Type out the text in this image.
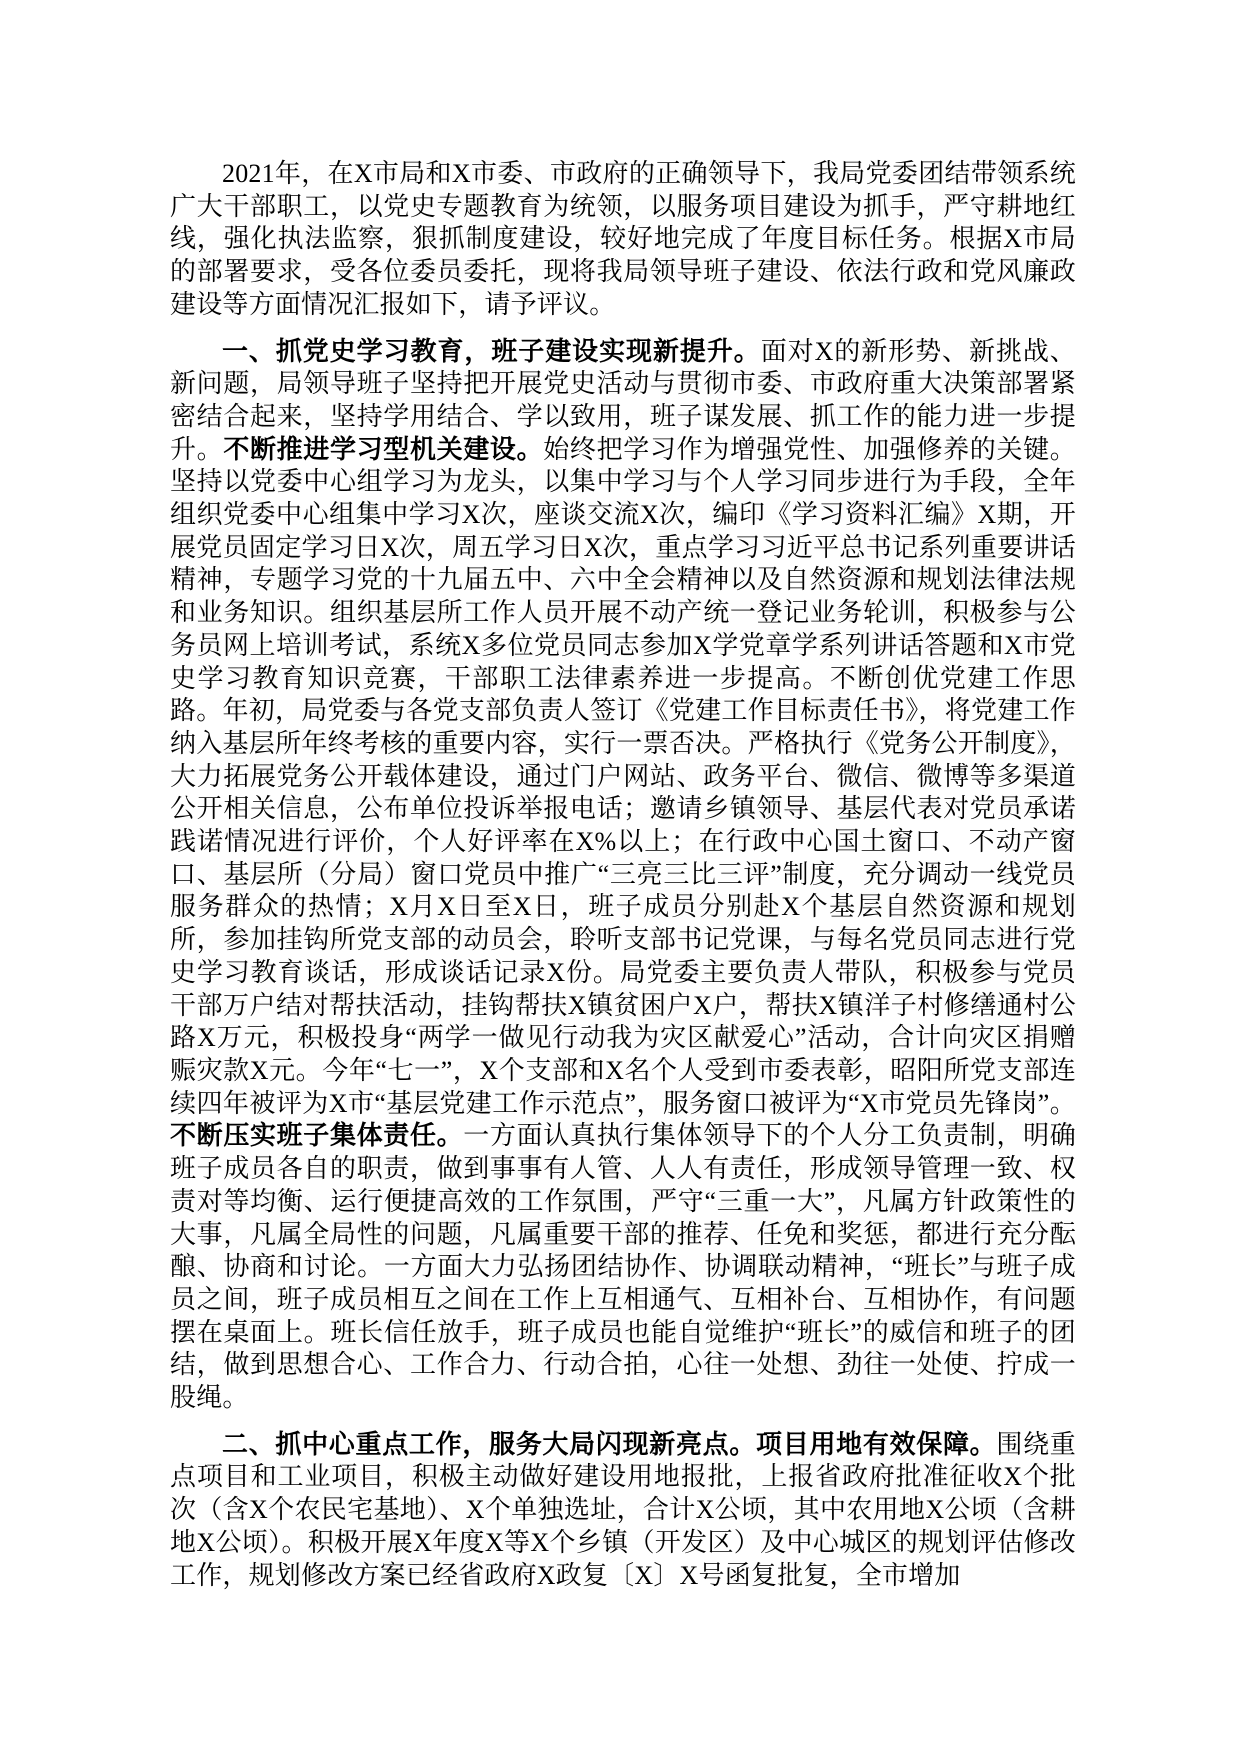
2021年，在X市局和X市委、市政府的正确领导下，我局党委团结带领系统广大干部职工，以党史专题教育为统领，以服务项目建设为抓手，严守耕地红线，强化执法监察，狠抓制度建设，较好地完成了年度目标任务。根据X市局的部署要求，受各位委员委托，现将我局领导班子建设、依法行政和党风廉政建设等方面情况汇报如下，请予评议。

一、抓党史学习教育，班子建设实现新提升。面对X的新形势、新挑战、新问题，局领导班子坚持把开展党史活动与贯彻市委、市政府重大决策部署紧密结合起来，坚持学用结合、学以致用，班子谋发展、抓工作的能力进一步提升。不断推进学习型机关建设。始终把学习作为增强党性、加强修养的关键。坚持以党委中心组学习为龙头，以集中学习与个人学习同步进行为手段，全年组织党委中心组集中学习X次，座谈交流X次，编印《学习资料汇编》X期，开展党员固定学习日X次，周五学习日X次，重点学习习近平总书记系列重要讲话精神，专题学习党的十九届五中、六中全会精神以及自然资源和规划法律法规和业务知识。组织基层所工作人员开展不动产统一登记业务轮训，积极参与公务员网上培训考试，系统X多位党员同志参加X学党章学系列讲话答题和X市党史学习教育知识竞赛，干部职工法律素养进一步提高。不断创优党建工作思路。年初，局党委与各党支部负责人签订《党建工作目标责任书》，将党建工作纳入基层所年终考核的重要内容，实行一票否决。严格执行《党务公开制度》，大力拓展党务公开载体建设，通过门户网站、政务平台、微信、微博等多渠道公开相关信息，公布单位投诉举报电话；邀请乡镇领导、基层代表对党员承诺践诺情况进行评价，个人好评率在X%以上；在行政中心国土窗口、不动产窗口、基层所（分局）窗口党员中推广“三亮三比三评”制度，充分调动一线党员服务群众的热情；X月X日至X日，班子成员分别赴X个基层自然资源和规划所，参加挂钩所党支部的动员会，聆听支部书记党课，与每名党员同志进行党史学习教育谈话，形成谈话记录X份。局党委主要负责人带队，积极参与党员干部万户结对帮扶活动，挂钩帮扶X镇贫困户X户，帮扶X镇洋子村修缮通村公路X万元，积极投身“两学一做见行动我为灾区献爱心”活动，合计向灾区捐赠赈灾款X元。今年“七一”，X个支部和X名个人受到市委表彰，昭阳所党支部连续四年被评为X市“基层党建工作示范点”，服务窗口被评为“X市党员先锋岗”。不断压实班子集体责任。一方面认真执行集体领导下的个人分工负责制，明确班子成员各自的职责，做到事事有人管、人人有责任，形成领导管理一致、权责对等均衡、运行便捷高效的工作氛围，严守“三重一大”，凡属方针政策性的大事，凡属全局性的问题，凡属重要干部的推荐、任免和奖惩，都进行充分酝酿、协商和讨论。一方面大力弘扬团结协作、协调联动精神，“班长”与班子成员之间，班子成员相互之间在工作上互相通气、互相补台、互相协作，有问题摆在桌面上。班长信任放手，班子成员也能自觉维护“班长”的威信和班子的团结，做到思想合心、工作合力、行动合拍，心往一处想、劲往一处使、拧成一股绳。

二、抓中心重点工作，服务大局闪现新亮点。项目用地有效保障。围绕重点项目和工业项目，积极主动做好建设用地报批，上报省政府批准征收X个批次（含X个农民宅基地）、X个单独选址，合计X公顷，其中农用地X公顷（含耕地X公顷）。积极开展X年度X等X个乡镇（开发区）及中心城区的规划评估修改工作，规划修改方案已经省政府X政复〔X〕X号函复批复，全市增加
